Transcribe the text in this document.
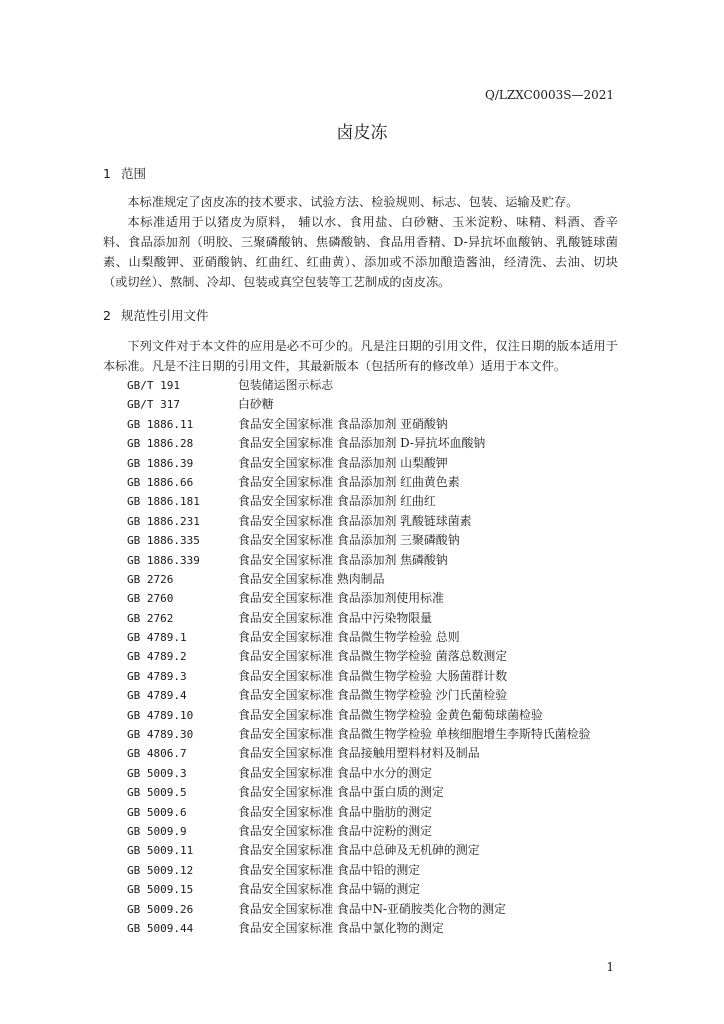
Q/LZXC0003S—2021
卤皮冻
1 范围

本标准规定了卤皮冻的技术要求、试验方法、检验规则、标志、包装、运输及贮存。

本标准适用于以猪皮为原料， 辅以水、食用盐、白砂糖、玉米淀粉、味精、料酒、香辛料、食品添加剂（明胶、三聚磷酸钠、焦磷酸钠、食品用香精、D-异抗坏血酸钠、乳酸链球菌素、山梨酸钾、亚硝酸钠、红曲红、红曲黄）、添加或不添加酿造酱油，经清洗、去油、切块（或切丝）、熬制、冷却、包装或真空包装等工艺制成的卤皮冻。

2 规范性引用文件

下列文件对于本文件的应用是必不可少的。凡是注日期的引用文件，仅注日期的版本适用于本标准。凡是不注日期的引用文件，其最新版本（包括所有的修改单）适用于本文件。

GB/T 191	包装储运图示标志
GB/T 317	白砂糖
GB 1886.11	食品安全国家标准 食品添加剂 亚硝酸钠
GB 1886.28	食品安全国家标准 食品添加剂 D-异抗坏血酸钠
GB 1886.39	食品安全国家标准 食品添加剂 山梨酸钾
GB 1886.66	食品安全国家标准 食品添加剂 红曲黄色素
GB 1886.181	食品安全国家标准 食品添加剂 红曲红
GB 1886.231	食品安全国家标准 食品添加剂 乳酸链球菌素
GB 1886.335	食品安全国家标准 食品添加剂 三聚磷酸钠
GB 1886.339	食品安全国家标准 食品添加剂 焦磷酸钠
GB 2726	食品安全国家标准 熟肉制品
GB 2760	食品安全国家标准 食品添加剂使用标准
GB 2762	食品安全国家标准 食品中污染物限量
GB 4789.1	食品安全国家标准 食品微生物学检验 总则
GB 4789.2	食品安全国家标准 食品微生物学检验 菌落总数测定
GB 4789.3	食品安全国家标准 食品微生物学检验 大肠菌群计数
GB 4789.4	食品安全国家标准 食品微生物学检验 沙门氏菌检验
GB 4789.10	食品安全国家标准 食品微生物学检验 金黄色葡萄球菌检验
GB 4789.30	食品安全国家标准 食品微生物学检验 单核细胞增生李斯特氏菌检验
GB 4806.7	食品安全国家标准 食品接触用塑料材料及制品
GB 5009.3	食品安全国家标准 食品中水分的测定
GB 5009.5	食品安全国家标准 食品中蛋白质的测定
GB 5009.6	食品安全国家标准 食品中脂肪的测定
GB 5009.9	食品安全国家标准 食品中淀粉的测定
GB 5009.11	食品安全国家标准 食品中总砷及无机砷的测定
GB 5009.12	食品安全国家标准 食品中铅的测定
GB 5009.15	食品安全国家标准 食品中镉的测定
GB 5009.26	食品安全国家标准 食品中N-亚硝胺类化合物的测定
GB 5009.44	食品安全国家标准 食品中氯化物的测定
1
